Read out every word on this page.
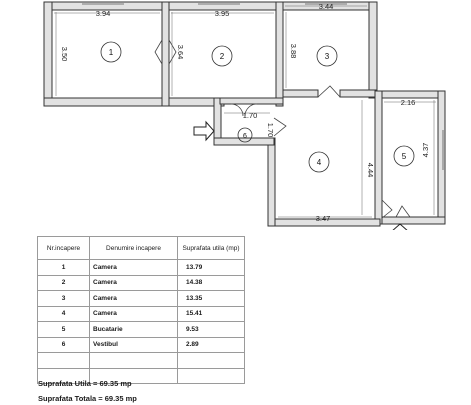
3.94	3.95
3.44
3.50	3.64	3.88
1.70
1.70
2.16
4.44
4.37
3.47
1	2	3
4
5
6
Nr.incapere	Denumire incapere	Suprafata utila (mp)
1	Camera	13.79
2	Camera	14.38
3	Camera	13.35
4	Camera	15.41
5	Bucatarie	9.53
6	Vestibul	2.89

Suprafata Utila = 69.35 mp
Suprafata Totala = 69.35 mp
